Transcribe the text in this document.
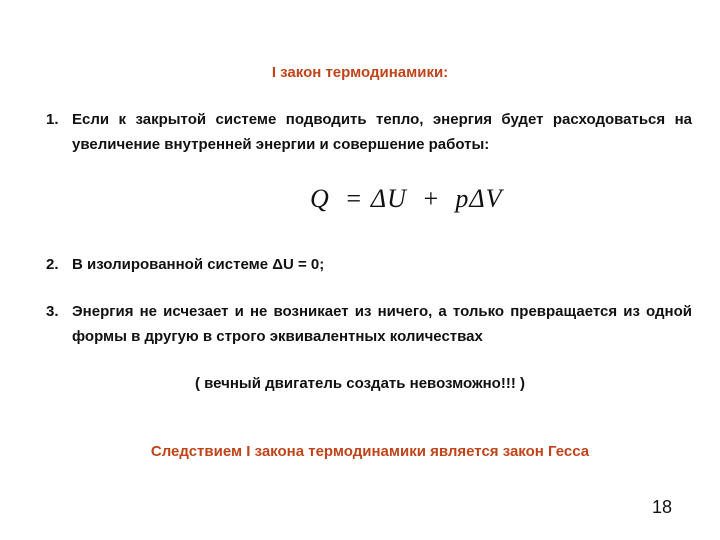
I закон термодинамики:
1. Если к закрытой системе подводить тепло, энергия будет расходоваться на увеличение внутренней энергии и совершение работы:
Q  = ΔU  +  pΔV
2. В изолированной системе ΔU = 0;
3. Энергия не исчезает и не возникает из ничего, а только превращается из одной формы в другую в строго эквивалентных количествах
( вечный двигатель создать невозможно!!! )
Следствием I закона термодинамики является закон Гесса
18
